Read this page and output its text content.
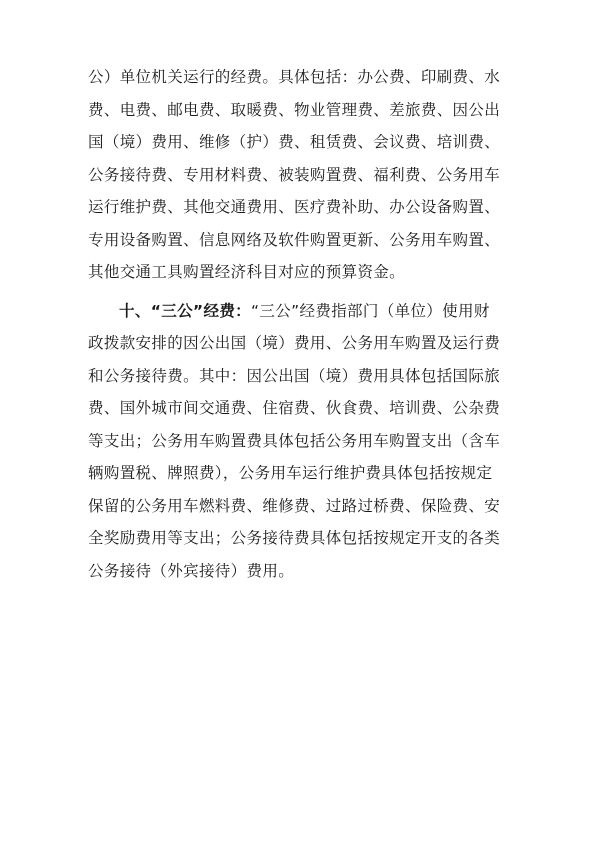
公）单位机关运行的经费。具体包括：办公费、印刷费、水
费、电费、邮电费、取暖费、物业管理费、差旅费、因公出
国（境）费用、维修（护）费、租赁费、会议费、培训费、
公务接待费、专用材料费、被装购置费、福利费、公务用车
运行维护费、其他交通费用、医疗费补助、办公设备购置、
专用设备购置、信息网络及软件购置更新、公务用车购置、
其他交通工具购置经济科目对应的预算资金。
十、“三公”经费：“三公”经费指部门（单位）使用财
政拨款安排的因公出国（境）费用、公务用车购置及运行费
和公务接待费。其中：因公出国（境）费用具体包括国际旅
费、国外城市间交通费、住宿费、伙食费、培训费、公杂费
等支出；公务用车购置费具体包括公务用车购置支出（含车
辆购置税、牌照费），公务用车运行维护费具体包括按规定
保留的公务用车燃料费、维修费、过路过桥费、保险费、安
全奖励费用等支出；公务接待费具体包括按规定开支的各类
公务接待（外宾接待）费用。
